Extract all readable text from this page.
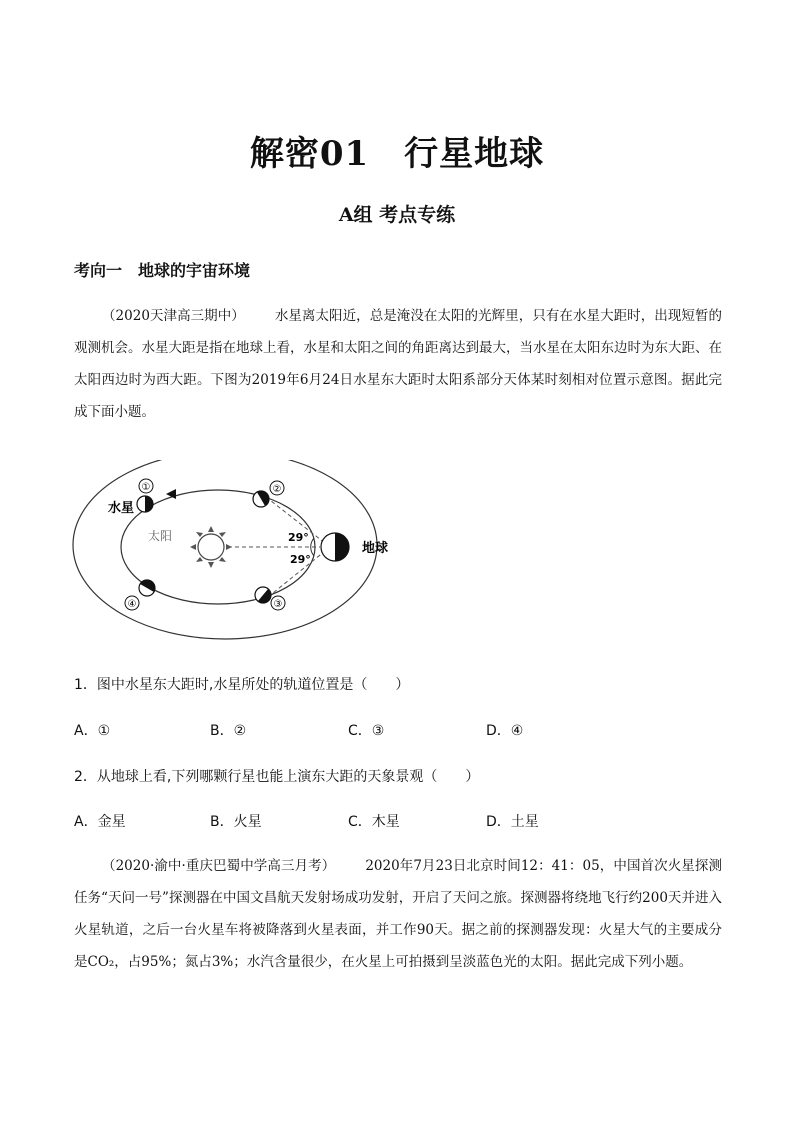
解密01　行星地球
A组 考点专练
考向一　地球的宇宙环境
（2020天津高三期中） 水星离太阳近，总是淹没在太阳的光辉里，只有在水星大距时，出现短暂的观测机会。水星大距是指在地球上看，水星和太阳之间的角距离达到最大，当水星在太阳东边时为东大距、在太阳西边时为西大距。下图为2019年6月24日水星东大距时太阳系部分天体某时刻相对位置示意图。据此完成下面小题。
太阳
①	②
③
④
水星
地球
29°
29°
1．图中水星东大距时,水星所处的轨道位置是（　　）
A．①	B．②	C．③	D．④
2．从地球上看,下列哪颗行星也能上演东大距的天象景观（　　）
A．金星	B．火星	C．木星	D．土星
（2020·渝中·重庆巴蜀中学高三月考） 2020年7月23日北京时间12：41：05，中国首次火星探测任务“天问一号”探测器在中国文昌航天发射场成功发射，开启了天问之旅。探测器将绕地飞行约200天并进入火星轨道，之后一台火星车将被降落到火星表面，并工作90天。据之前的探测器发现：火星大气的主要成分是CO₂，占95%；氮占3%；水汽含量很少，在火星上可拍摄到呈淡蓝色光的太阳。据此完成下列小题。
